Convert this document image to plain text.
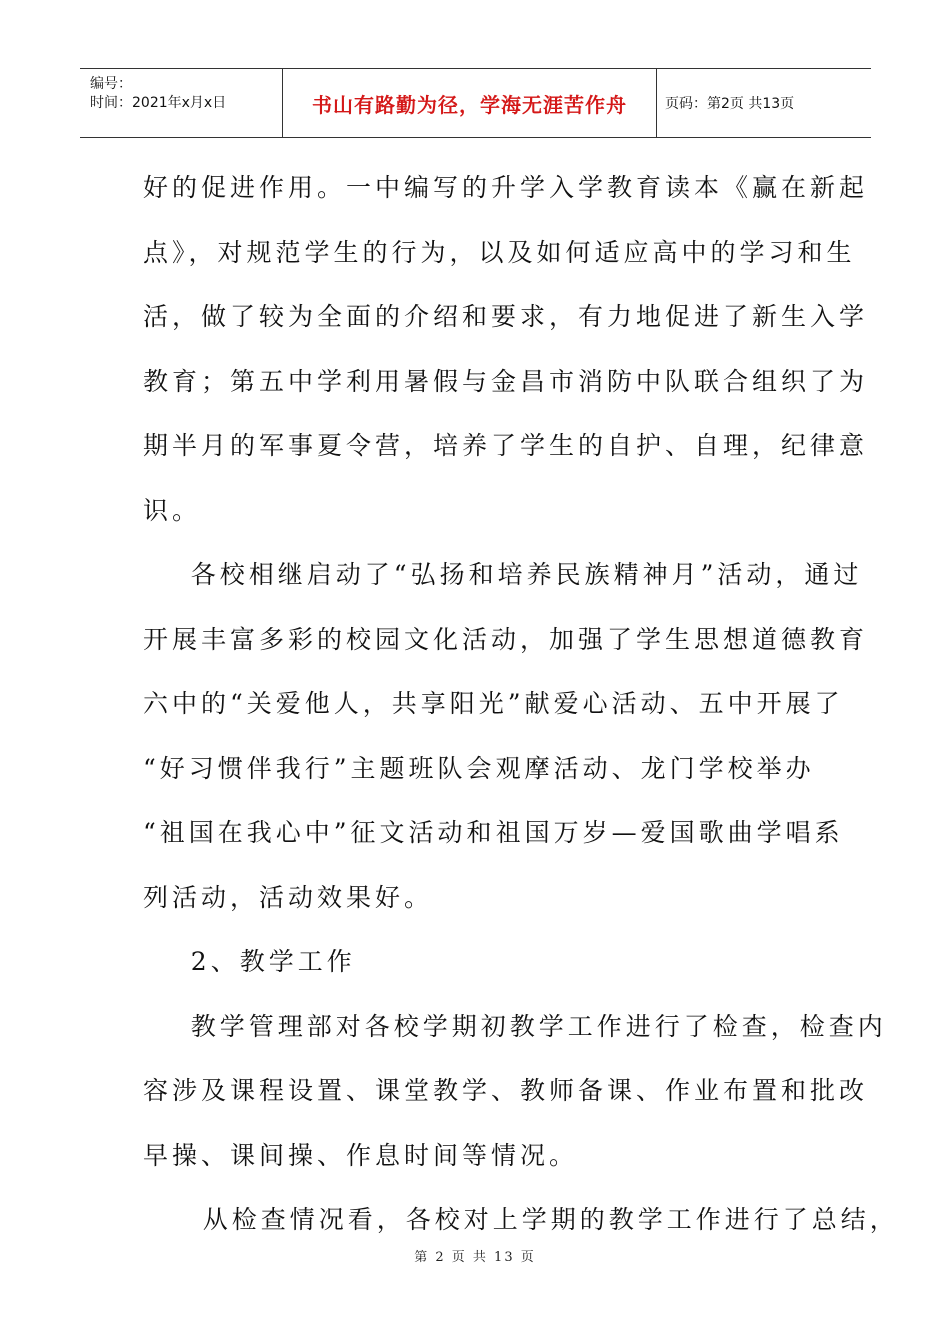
编号：
时间：2021年x月x日	书山有路勤为径，学海无涯苦作舟	页码：第2页 共13页

好的促进作用。一中编写的升学入学教育读本《赢在新起

点》，对规范学生的行为，以及如何适应高中的学习和生

活，做了较为全面的介绍和要求，有力地促进了新生入学

教育；第五中学利用暑假与金昌市消防中队联合组织了为

期半月的军事夏令营，培养了学生的自护、自理，纪律意

识。

各校相继启动了“弘扬和培养民族精神月”活动，通过

开展丰富多彩的校园文化活动，加强了学生思想道德教育

六中的“关爱他人，共享阳光”献爱心活动、五中开展了

“好习惯伴我行”主题班队会观摩活动、龙门学校举办

“祖国在我心中”征文活动和祖国万岁—爱国歌曲学唱系

列活动，活动效果好。

2、教学工作

教学管理部对各校学期初教学工作进行了检查，检查内

容涉及课程设置、课堂教学、教师备课、作业布置和批改

早操、课间操、作息时间等情况。

从检查情况看，各校对上学期的教学工作进行了总结，

第 2 页 共 13 页
